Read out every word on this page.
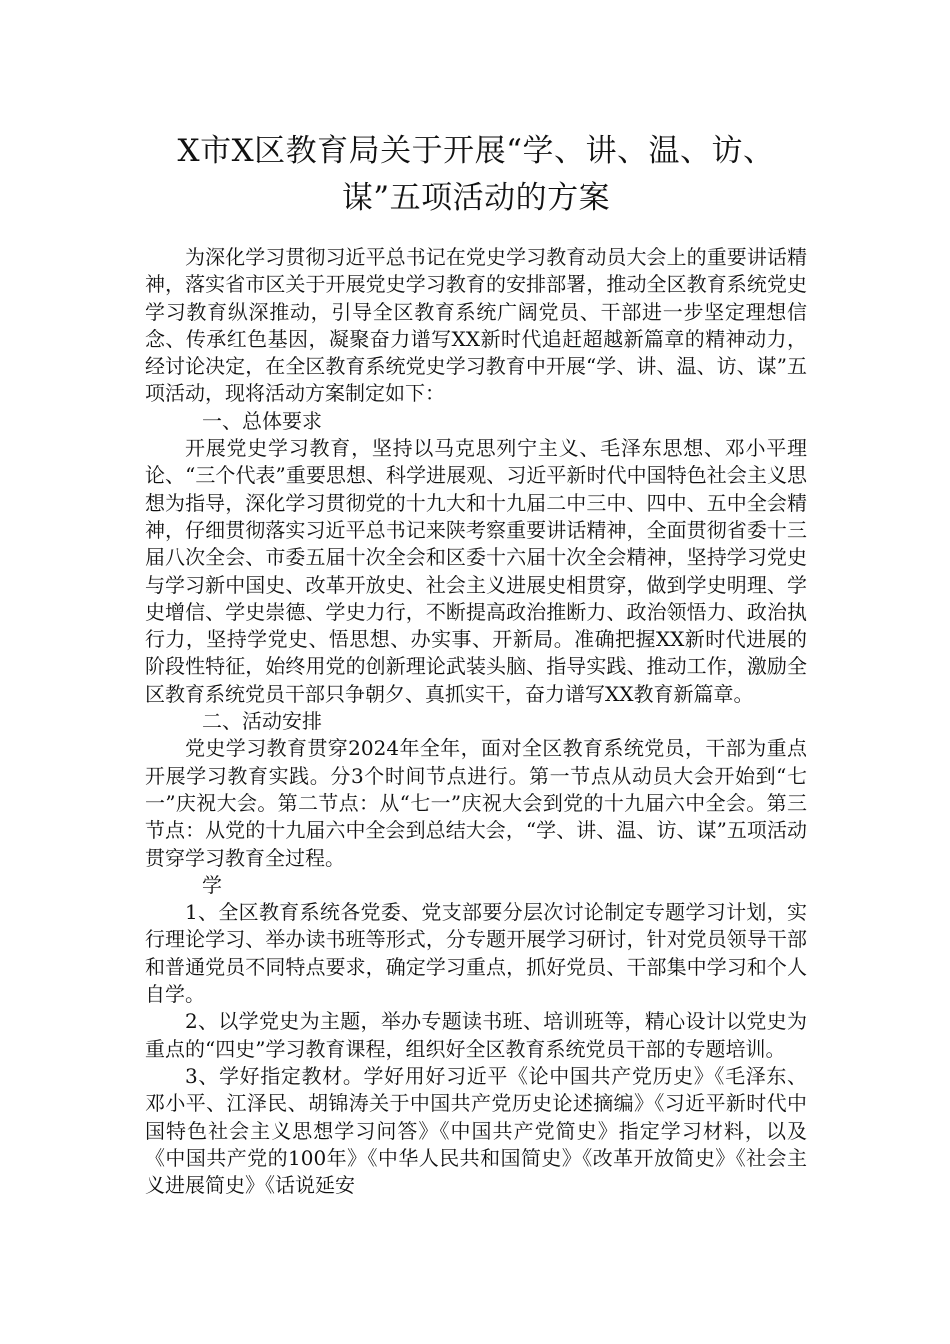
X市X区教育局关于开展“学、讲、温、访、
谋”五项活动的方案

为深化学习贯彻习近平总书记在党史学习教育动员大会上的重要讲话精神，落实省市区关于开展党史学习教育的安排部署，推动全区教育系统党史学习教育纵深推动，引导全区教育系统广阔党员、干部进一步坚定理想信念、传承红色基因，凝聚奋力谱写XX新时代追赶超越新篇章的精神动力，经讨论决定，在全区教育系统党史学习教育中开展“学、讲、温、访、谋”五项活动，现将活动方案制定如下：

一、总体要求

开展党史学习教育，坚持以马克思列宁主义、毛泽东思想、邓小平理论、“三个代表”重要思想、科学进展观、习近平新时代中国特色社会主义思想为指导，深化学习贯彻党的十九大和十九届二中三中、四中、五中全会精神，仔细贯彻落实习近平总书记来陕考察重要讲话精神，全面贯彻省委十三届八次全会、市委五届十次全会和区委十六届十次全会精神，坚持学习党史与学习新中国史、改革开放史、社会主义进展史相贯穿，做到学史明理、学史增信、学史崇德、学史力行，不断提高政治推断力、政治领悟力、政治执行力，坚持学党史、悟思想、办实事、开新局。准确把握XX新时代进展的阶段性特征，始终用党的创新理论武装头脑、指导实践、推动工作，激励全区教育系统党员干部只争朝夕、真抓实干，奋力谱写XX教育新篇章。

二、活动安排

党史学习教育贯穿2024年全年，面对全区教育系统党员，干部为重点开展学习教育实践。分3个时间节点进行。第一节点从动员大会开始到“七一”庆祝大会。第二节点：从“七一”庆祝大会到党的十九届六中全会。第三节点：从党的十九届六中全会到总结大会，“学、讲、温、访、谋”五项活动贯穿学习教育全过程。

学

1、全区教育系统各党委、党支部要分层次讨论制定专题学习计划，实行理论学习、举办读书班等形式，分专题开展学习研讨，针对党员领导干部和普通党员不同特点要求，确定学习重点，抓好党员、干部集中学习和个人自学。

2、以学党史为主题，举办专题读书班、培训班等，精心设计以党史为重点的“四史”学习教育课程，组织好全区教育系统党员干部的专题培训。

3、学好指定教材。学好用好习近平《论中国共产党历史》《毛泽东、邓小平、江泽民、胡锦涛关于中国共产党历史论述摘编》《习近平新时代中国特色社会主义思想学习问答》《中国共产党简史》指定学习材料，以及《中国共产党的100年》《中华人民共和国简史》《改革开放简史》《社会主义进展简史》《话说延安
